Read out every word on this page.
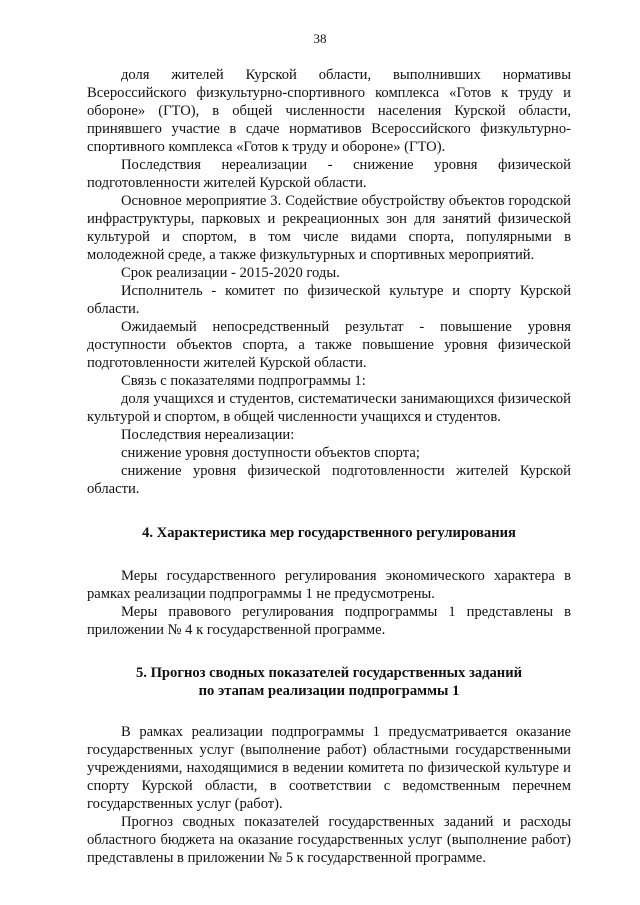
38

доля жителей Курской области, выполнивших нормативы Всероссийского физкультурно-спортивного комплекса «Готов к труду и обороне» (ГТО), в общей численности населения Курской области, принявшего участие в сдаче нормативов Всероссийского физкультурно-спортивного комплекса «Готов к труду и обороне» (ГТО).

Последствия нереализации - снижение уровня физической подготовленности жителей Курской области.

Основное мероприятие 3. Содействие обустройству объектов городской инфраструктуры, парковых и рекреационных зон для занятий физической культурой и спортом, в том числе видами спорта, популярными в молодежной среде, а также физкультурных и спортивных мероприятий.

Срок реализации - 2015-2020 годы.

Исполнитель - комитет по физической культуре и спорту Курской области.

Ожидаемый непосредственный результат - повышение уровня доступности объектов спорта, а также повышение уровня физической подготовленности жителей Курской области.

Связь с показателями подпрограммы 1:

доля учащихся и студентов, систематически занимающихся физической культурой и спортом, в общей численности учащихся и студентов.

Последствия нереализации:

снижение уровня доступности объектов спорта;

снижение уровня физической подготовленности жителей Курской области.

4. Характеристика мер государственного регулирования

Меры государственного регулирования экономического характера в рамках реализации подпрограммы 1 не предусмотрены.

Меры правового регулирования подпрограммы 1 представлены в приложении № 4 к государственной программе.

5. Прогноз сводных показателей государственных заданий

по этапам реализации подпрограммы 1

В рамках реализации подпрограммы 1 предусматривается оказание государственных услуг (выполнение работ) областными государственными учреждениями, находящимися в ведении комитета по физической культуре и спорту Курской области, в соответствии с ведомственным перечнем государственных услуг (работ).

Прогноз сводных показателей государственных заданий и расходы областного бюджета на оказание государственных услуг (выполнение работ) представлены в приложении № 5 к государственной программе.
